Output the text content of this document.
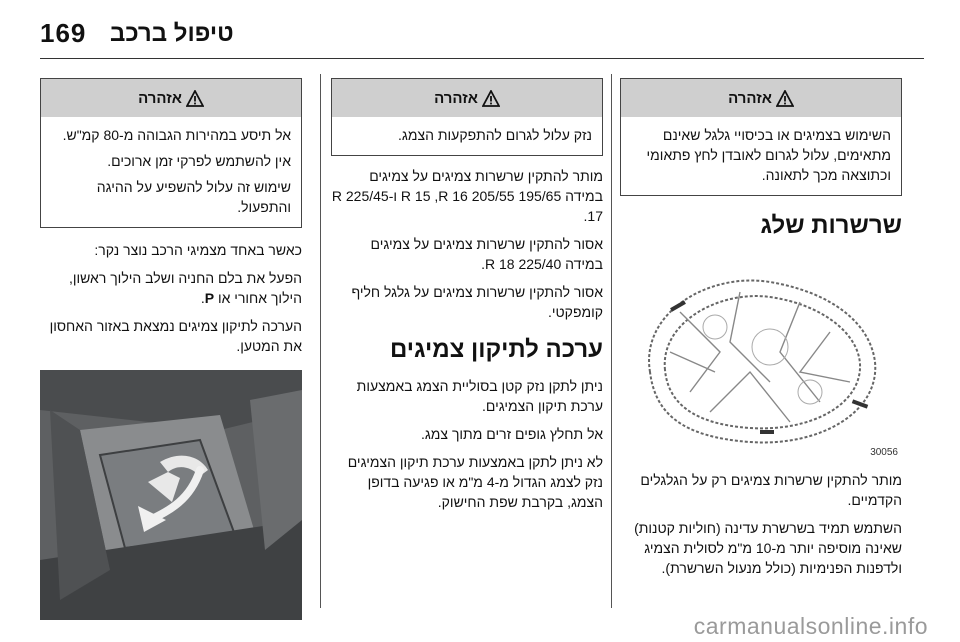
169 טיפול ברכב
אזהרה

השימוש בצמיגים או בכיסויי גלגל שאינם מתאימים, עלול לגרום לאובדן לחץ פתאומי וכתוצאה מכך לתאונה.

שרשרות שלג
30056

מותר להתקין שרשרות צמיגים רק על הגלגלים הקדמיים.

השתמש תמיד בשרשרת עדינה (חוליות קטנות) שאינה מוסיפה יותר מ-10 מ"מ לסולית הצמיג ולדפנות הפנימיות (כולל מנעול השרשרת).

אזהרה

נזק עלול לגרום להתפקעות הצמג.

מותר להתקין שרשרות צמיגים על צמיגים במידה 195/65 R 15 ,R 16 205/55 ו-225/45 R 17.

אסור להתקין שרשרות צמיגים על צמיגים במידה 225/40 R 18.

אסור להתקין שרשרות צמיגים על גלגל חליף קומפקטי.

ערכה לתיקון צמיגים

ניתן לתקן נזק קטן בסוליית הצמג באמצעות ערכת תיקון הצמיגים.

אל תחלץ גופים זרים מתוך צמג.

לא ניתן לתקן באמצעות ערכת תיקון הצמיגים נזק לצמג הגדול מ-4 מ"מ או פגיעה בדופן הצמג, בקרבת שפת החישוק.

אזהרה

אל תיסע במהירות הגבוהה מ-80 קמ"ש.

אין להשתמש לפרקי זמן ארוכים.

שימוש זה עלול להשפיע על ההיגה והתפעול.

כאשר באחד מצמיגי הרכב נוצר נקר:

הפעל את בלם החניה ושלב הילוך ראשון, הילוך אחורי או P.

הערכה לתיקון צמיגים נמצאת באזור האחסון את המטען.

carmanualsonline.info
